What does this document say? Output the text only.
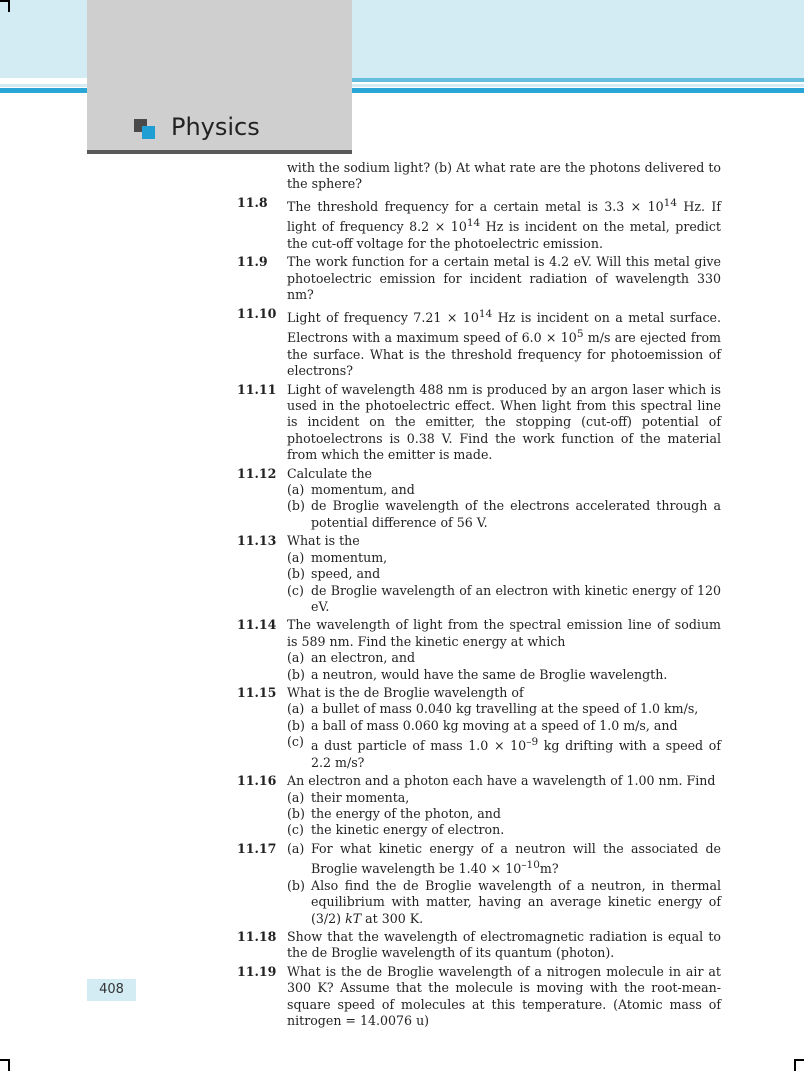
Physics
with the sodium light? (b) At what rate are the photons delivered to the sphere?
11.8	The threshold frequency for a certain metal is $3.3 \times 10^{14}$ Hz. If light of frequency $8.2 \times 10^{14}$ Hz is incident on the metal, predict the cut-off voltage for the photoelectric emission.
11.9	The work function for a certain metal is 4.2 eV. Will this metal give photoelectric emission for incident radiation of wavelength 330 nm?
11.10 Light of frequency $7.21 \times 10^{14}$ Hz is incident on a metal surface. Electrons with a maximum speed of $6.0 \times 10^5$ m/s are ejected from the surface. What is the threshold frequency for photoemission of electrons?
11.11 Light of wavelength 488 nm is produced by an argon laser which is used in the photoelectric effect. When light from this spectral line is incident on the emitter, the stopping (cut-off) potential of photoelectrons is 0.38 V. Find the work function of the material from which the emitter is made.
11.12 Calculate the
(a) momentum, and
(b) de Broglie wavelength of the electrons accelerated through a potential difference of 56 V.
11.13 What is the
(a) momentum,
(b) speed, and
(c) de Broglie wavelength of an electron with kinetic energy of 120 eV.
11.14 The wavelength of light from the spectral emission line of sodium is 589 nm. Find the kinetic energy at which
(a) an electron, and
(b) a neutron, would have the same de Broglie wavelength.
11.15 What is the de Broglie wavelength of
(a) a bullet of mass 0.040 kg travelling at the speed of 1.0 km/s,
(b) a ball of mass 0.060 kg moving at a speed of 1.0 m/s, and
(c) a dust particle of mass $1.0 \times 10^{-9}$ kg drifting with a speed of 2.2 m/s?
11.16 An electron and a photon each have a wavelength of 1.00 nm. Find
(a) their momenta,
(b) the energy of the photon, and
(c) the kinetic energy of electron.
11.17 (a) For what kinetic energy of a neutron will the associated de Broglie wavelength be $1.40 \times 10^{-10}m$?
(b) Also find the de Broglie wavelength of a neutron, in thermal equilibrium with matter, having an average kinetic energy of (3/2) kT at 300 K.
11.18 Show that the wavelength of electromagnetic radiation is equal to the de Broglie wavelength of its quantum (photon).
11.19 What is the de Broglie wavelength of a nitrogen molecule in air at 300 K? Assume that the molecule is moving with the root-mean-square speed of molecules at this temperature. (Atomic mass of nitrogen = 14.0076 u)
408
